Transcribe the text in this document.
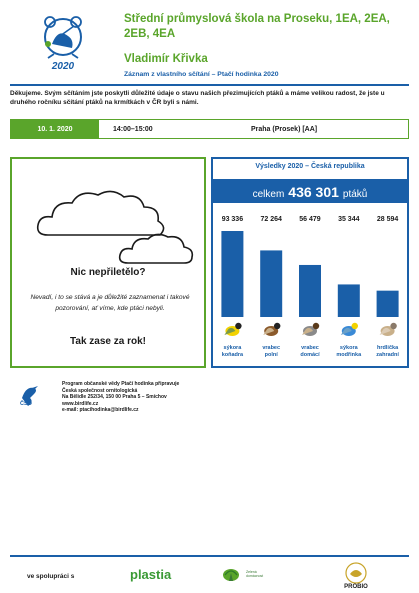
2020
Střední průmyslová škola na Proseku, 1EA, 2EA, 2EB, 4EA
Vladimír Křivka
Záznam z vlastního sčítání – Ptačí hodinka 2020
Děkujeme. Svým sčítáním jste poskytli důležité údaje o stavu našich přezimujících ptáků a máme velikou radost, že jste u druhého ročníku sčítání ptáků na krmítkách v ČR byli s námi.
10. 1. 2020	14:00–15:00	Praha (Prosek) [AA]
Nic nepřiletělo?
Nevadí, i to se stává a je důležité zaznamenat i takové pozorování, ať víme, kde ptáci nebyli.
Tak zase za rok!
Výsledky 2020 – Česká republika
celkem 436 301 ptáků
93 336
sýkora
koňadra
72 264
vrabec
polní
56 479
vrabec
domácí
35 344
sýkora
modřinka
28 594
hrdlička
zahradní
ČSO
Program občanské vědy Ptačí hodinka připravuje
Česká společnost ornitologická
Na Bělidle 252/34, 150 00 Praha 5 – Smíchov
www.birdlife.cz
e-mail: ptacihodinka@birdlife.cz
ve spolupráci s	plastia	Zelená
domácnost
PROBIO
